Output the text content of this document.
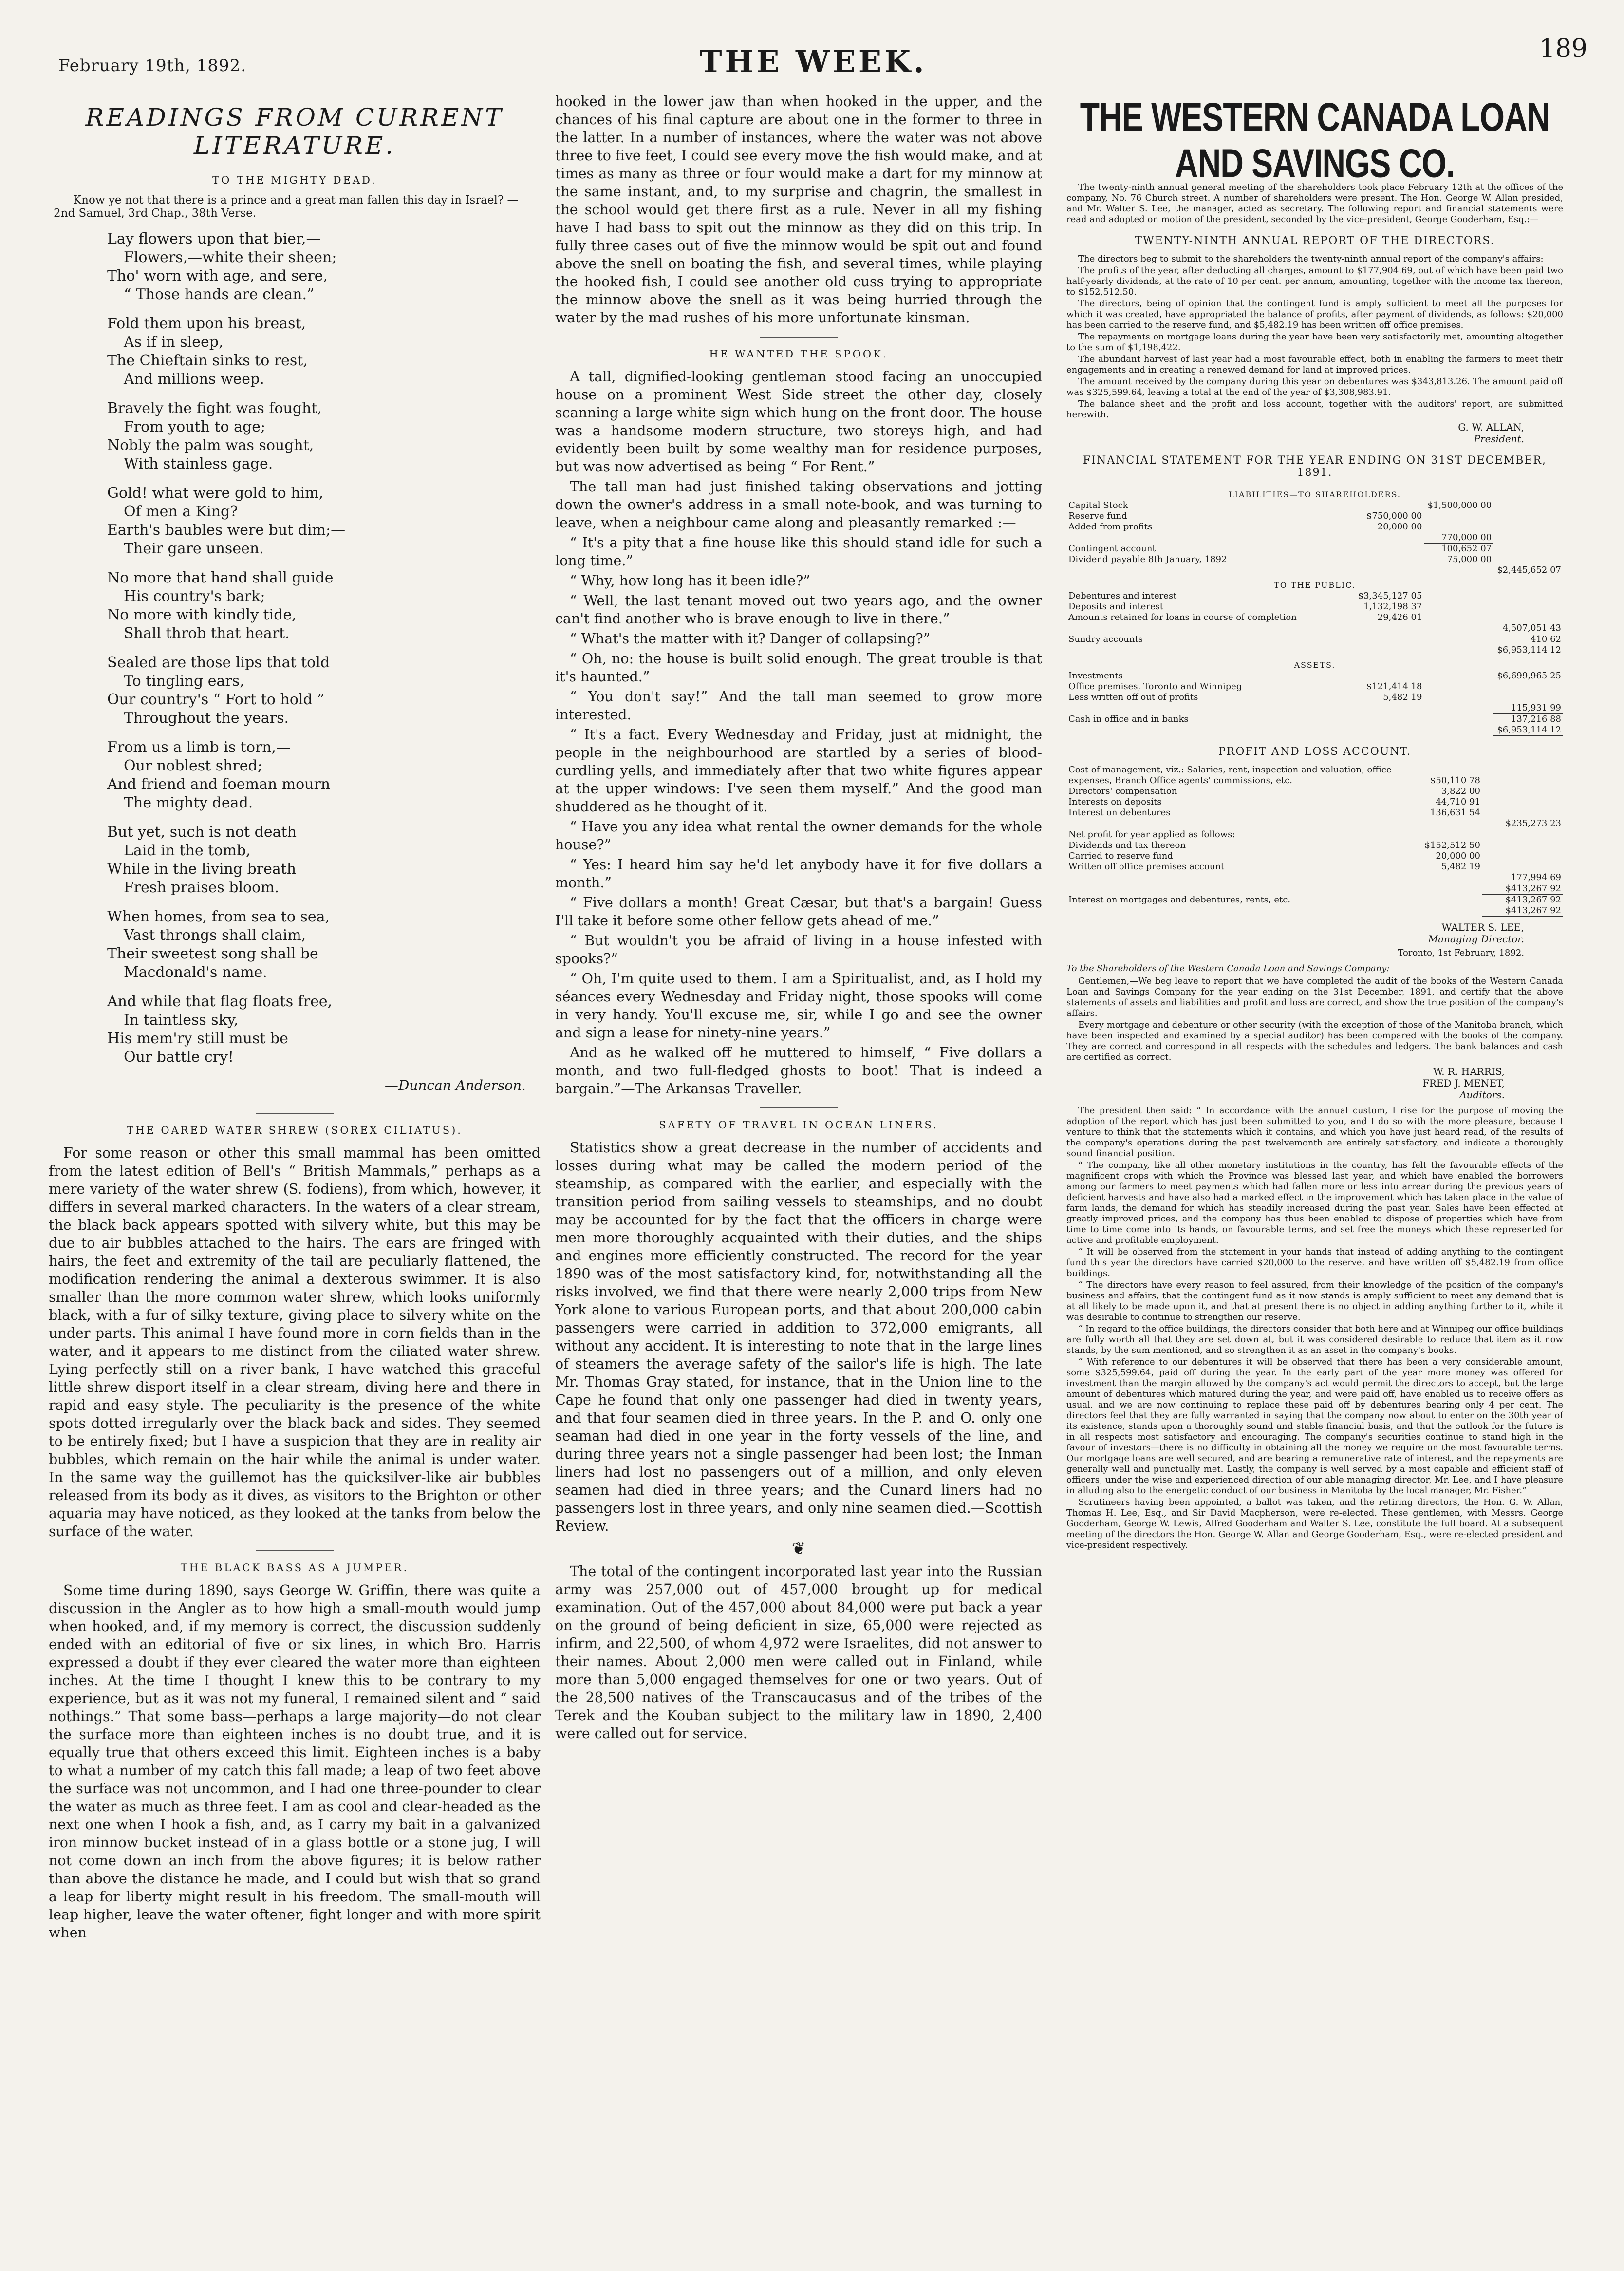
February 19th, 1892.	THE WEEK.	189
READINGS FROM CURRENT LITERATURE.
TO THE MIGHTY DEAD.
Know ye not that there is a prince and a great man fallen this day in Israel? —2nd Samuel, 3rd Chap., 38th Verse.
Lay flowers upon that bier,—
Flowers,—white their sheen;
Tho' worn with age, and sere,
“ Those hands are clean.”
Fold them upon his breast,
As if in sleep,
The Chieftain sinks to rest,
And millions weep.
Bravely the fight was fought,
From youth to age;
Nobly the palm was sought,
With stainless gage.
Gold! what were gold to him,
Of men a King?
Earth's baubles were but dim;—
Their gare unseen.
No more that hand shall guide
His country's bark;
No more with kindly tide,
Shall throb that heart.
Sealed are those lips that told
To tingling ears,
Our country's “ Fort to hold ”
Throughout the years.
From us a limb is torn,—
Our noblest shred;
And friend and foeman mourn
The mighty dead.
But yet, such is not death
Laid in the tomb,
While in the living breath
Fresh praises bloom.
When homes, from sea to sea,
Vast throngs shall claim,
Their sweetest song shall be
Macdonald's name.
And while that flag floats free,
In taintless sky,
His mem'ry still must be
Our battle cry!
—Duncan Anderson.
THE OARED WATER SHREW (SOREX CILIATUS).

For some reason or other this small mammal has been omitted from the latest edition of Bell's “ British Mammals,” perhaps as a mere variety of the water shrew (S. fodiens), from which, however, it differs in several marked characters. In the waters of a clear stream, the black back appears spotted with silvery white, but this may be due to air bubbles attached to the hairs. The ears are fringed with hairs, the feet and extremity of the tail are peculiarly flattened, the modification rendering the animal a dexterous swimmer. It is also smaller than the more common water shrew, which looks uniformly black, with a fur of silky texture, giving place to silvery white on the under parts. This animal I have found more in corn fields than in the water, and it appears to me distinct from the ciliated water shrew. Lying perfectly still on a river bank, I have watched this graceful little shrew disport itself in a clear stream, diving here and there in rapid and easy style. The peculiarity is the presence of the white spots dotted irregularly over the black back and sides. They seemed to be entirely fixed; but I have a suspicion that they are in reality air bubbles, which remain on the hair while the animal is under water. In the same way the guillemot has the quicksilver-like air bubbles released from its body as it dives, as visitors to the Brighton or other aquaria may have noticed, as they looked at the tanks from below the surface of the water.

THE BLACK BASS AS A JUMPER.

Some time during 1890, says George W. Griffin, there was quite a discussion in the Angler as to how high a small-mouth would jump when hooked, and, if my memory is correct, the discussion suddenly ended with an editorial of five or six lines, in which Bro. Harris expressed a doubt if they ever cleared the water more than eighteen inches. At the time I thought I knew this to be contrary to my experience, but as it was not my funeral, I remained silent and “ said nothings.” That some bass—perhaps a large majority—do not clear the surface more than eighteen inches is no doubt true, and it is equally true that others exceed this limit. Eighteen inches is a baby to what a number of my catch this fall made; a leap of two feet above the surface was not uncommon, and I had one three-pounder to clear the water as much as three feet. I am as cool and clear-headed as the next one when I hook a fish, and, as I carry my bait in a galvanized iron minnow bucket instead of in a glass bottle or a stone jug, I will not come down an inch from the above figures; it is below rather than above the distance he made, and I could but wish that so grand a leap for liberty might result in his freedom. The small-mouth will leap higher, leave the water oftener, fight longer and with more spirit when

hooked in the lower jaw than when hooked in the upper, and the chances of his final capture are about one in the former to three in the latter. In a number of instances, where the water was not above three to five feet, I could see every move the fish would make, and at times as many as three or four would make a dart for my minnow at the same instant, and, to my surprise and chagrin, the smallest in the school would get there first as a rule. Never in all my fishing have I had bass to spit out the minnow as they did on this trip. In fully three cases out of five the minnow would be spit out and found above the snell on boating the fish, and several times, while playing the hooked fish, I could see another old cuss trying to appropriate the minnow above the snell as it was being hurried through the water by the mad rushes of his more unfortunate kinsman.

HE WANTED THE SPOOK.

A tall, dignified-looking gentleman stood facing an unoccupied house on a prominent West Side street the other day, closely scanning a large white sign which hung on the front door. The house was a handsome modern structure, two storeys high, and had evidently been built by some wealthy man for residence purposes, but was now advertised as being “ For Rent.”

The tall man had just finished taking observations and jotting down the owner's address in a small note-book, and was turning to leave, when a neighbour came along and pleasantly remarked :—

“ It's a pity that a fine house like this should stand idle for such a long time.”

“ Why, how long has it been idle?”

“ Well, the last tenant moved out two years ago, and the owner can't find another who is brave enough to live in there.”

“ What's the matter with it? Danger of collapsing?”

“ Oh, no: the house is built solid enough. The great trouble is that it's haunted.”

“ You don't say!” And the tall man seemed to grow more interested.

“ It's a fact. Every Wednesday and Friday, just at midnight, the people in the neighbourhood are startled by a series of blood-curdling yells, and immediately after that two white figures appear at the upper windows: I've seen them myself.” And the good man shuddered as he thought of it.

“ Have you any idea what rental the owner demands for the whole house?”

“ Yes: I heard him say he'd let anybody have it for five dollars a month.”

“ Five dollars a month! Great Cæsar, but that's a bargain! Guess I'll take it before some other fellow gets ahead of me.”

“ But wouldn't you be afraid of living in a house infested with spooks?”

“ Oh, I'm quite used to them. I am a Spiritualist, and, as I hold my séances every Wednesday and Friday night, those spooks will come in very handy. You'll excuse me, sir, while I go and see the owner and sign a lease for ninety-nine years.”

And as he walked off he muttered to himself, “ Five dollars a month, and two full-fledged ghosts to boot! That is indeed a bargain.”—The Arkansas Traveller.

SAFETY OF TRAVEL IN OCEAN LINERS.

Statistics show a great decrease in the number of accidents and losses during what may be called the modern period of the steamship, as compared with the earlier, and especially with the transition period from sailing vessels to steamships, and no doubt may be accounted for by the fact that the officers in charge were men more thoroughly acquainted with their duties, and the ships and engines more efficiently constructed. The record for the year 1890 was of the most satisfactory kind, for, notwithstanding all the risks involved, we find that there were nearly 2,000 trips from New York alone to various European ports, and that about 200,000 cabin passengers were carried in addition to 372,000 emigrants, all without any accident. It is interesting to note that in the large lines of steamers the average safety of the sailor's life is high. The late Mr. Thomas Gray stated, for instance, that in the Union line to the Cape he found that only one passenger had died in twenty years, and that four seamen died in three years. In the P. and O. only one seaman had died in one year in the forty vessels of the line, and during three years not a single passenger had been lost; the Inman liners had lost no passengers out of a million, and only eleven seamen had died in three years; and the Cunard liners had no passengers lost in three years, and only nine seamen died.—Scottish Review.

❦

The total of the contingent incorporated last year into the Russian army was 257,000 out of 457,000 brought up for medical examination. Out of the 457,000 about 84,000 were put back a year on the ground of being deficient in size, 65,000 were rejected as infirm, and 22,500, of whom 4,972 were Israelites, did not answer to their names. About 2,000 men were called out in Finland, while more than 5,000 engaged themselves for one or two years. Out of the 28,500 natives of the Transcaucasus and of the tribes of the Terek and the Kouban subject to the military law in 1890, 2,400 were called out for service.

THE WESTERN CANADA LOAN AND SAVINGS CO.

The twenty-ninth annual general meeting of the shareholders took place February 12th at the offices of the company, No. 76 Church street. A number of shareholders were present. The Hon. George W. Allan presided, and Mr. Walter S. Lee, the manager, acted as secretary. The following report and financial statements were read and adopted on motion of the president, seconded by the vice-president, George Gooderham, Esq.:—

TWENTY-NINTH ANNUAL REPORT OF THE DIRECTORS.

The directors beg to submit to the shareholders the twenty-ninth annual report of the company's affairs:

The profits of the year, after deducting all charges, amount to $177,904.69, out of which have been paid two half-yearly dividends, at the rate of 10 per cent. per annum, amounting, together with the income tax thereon, to $152,512.50.

The directors, being of opinion that the contingent fund is amply sufficient to meet all the purposes for which it was created, have appropriated the balance of profits, after payment of dividends, as follows: $20,000 has been carried to the reserve fund, and $5,482.19 has been written off office premises.

The repayments on mortgage loans during the year have been very satisfactorily met, amounting altogether to the sum of $1,198,422.

The abundant harvest of last year had a most favourable effect, both in enabling the farmers to meet their engagements and in creating a renewed demand for land at improved prices.

The amount received by the company during this year on debentures was $343,813.26. The amount paid off was $325,599.64, leaving a total at the end of the year of $3,308,983.91.

The balance sheet and the profit and loss account, together with the auditors' report, are submitted herewith.

G. W. ALLAN,
President.
FINANCIAL STATEMENT FOR THE YEAR ENDING ON 31ST DECEMBER, 1891.
LIABILITIES—TO SHAREHOLDERS.			
Capital Stock		$1,500,000 00	
Reserve fund	$750,000 00		
Added from profits	20,000 00		
		770,000 00	
Contingent account		100,652 07	
Dividend payable 8th January, 1892		75,000 00	
			$2,445,652 07
TO THE PUBLIC.			
Debentures and interest	$3,345,127 05		
Deposits and interest	1,132,198 37		
Amounts retained for loans in course of completion	29,426 01		
			4,507,051 43
Sundry accounts			410 62
			$6,953,114 12
ASSETS.			
Investments			$6,699,965 25
Office premises, Toronto and Winnipeg	$121,414 18		
Less written off out of profits	5,482 19		
			115,931 99
Cash in office and in banks			137,216 88
			$6,953,114 12
PROFIT AND LOSS ACCOUNT.
Cost of management, viz.: Salaries, rent, inspection and valuation, office expenses, Branch Office agents' commissions, etc.	$50,110 78	
Directors' compensation	3,822 00	
Interests on deposits	44,710 91	
Interest on debentures	136,631 54	
		$235,273 23
Net profit for year applied as follows:		
Dividends and tax thereon	$152,512 50	
Carried to reserve fund	20,000 00	
Written off office premises account	5,482 19	
		177,994 69
		$413,267 92
Interest on mortgages and debentures, rents, etc.		$413,267 92
		$413,267 92
WALTER S. LEE,
Managing Director.
Toronto, 1st February, 1892.
To the Shareholders of the Western Canada Loan and Savings Company:

Gentlemen,—We beg leave to report that we have completed the audit of the books of the Western Canada Loan and Savings Company for the year ending on the 31st December, 1891, and certify that the above statements of assets and liabilities and profit and loss are correct, and show the true position of the company's affairs.

Every mortgage and debenture or other security (with the exception of those of the Manitoba branch, which have been inspected and examined by a special auditor) has been compared with the books of the company. They are correct and correspond in all respects with the schedules and ledgers. The bank balances and cash are certified as correct.

W. R. HARRIS,
FRED J. MENET,
Auditors.

The president then said: “ In accordance with the annual custom, I rise for the purpose of moving the adoption of the report which has just been submitted to you, and I do so with the more pleasure, because I venture to think that the statements which it contains, and which you have just heard read, of the results of the company's operations during the past twelvemonth are entirely satisfactory, and indicate a thoroughly sound financial position.

“ The company, like all other monetary institutions in the country, has felt the favourable effects of the magnificent crops with which the Province was blessed last year, and which have enabled the borrowers among our farmers to meet payments which had fallen more or less into arrear during the previous years of deficient harvests and have also had a marked effect in the improvement which has taken place in the value of farm lands, the demand for which has steadily increased during the past year. Sales have been effected at greatly improved prices, and the company has thus been enabled to dispose of properties which have from time to time come into its hands, on favourable terms, and set free the moneys which these represented for active and profitable employment.

“ It will be observed from the statement in your hands that instead of adding anything to the contingent fund this year the directors have carried $20,000 to the reserve, and have written off $5,482.19 from office buildings.

“ The directors have every reason to feel assured, from their knowledge of the position of the company's business and affairs, that the contingent fund as it now stands is amply sufficient to meet any demand that is at all likely to be made upon it, and that at present there is no object in adding anything further to it, while it was desirable to continue to strengthen our reserve.

“ In regard to the office buildings, the directors consider that both here and at Winnipeg our office buildings are fully worth all that they are set down at, but it was considered desirable to reduce that item as it now stands, by the sum mentioned, and so strengthen it as an asset in the company's books.

“ With reference to our debentures it will be observed that there has been a very considerable amount, some $325,599.64, paid off during the year. In the early part of the year more money was offered for investment than the margin allowed by the company's act would permit the directors to accept, but the large amount of debentures which matured during the year, and were paid off, have enabled us to receive offers as usual, and we are now continuing to replace these paid off by debentures bearing only 4 per cent. The directors feel that they are fully warranted in saying that the company now about to enter on the 30th year of its existence, stands upon a thoroughly sound and stable financial basis, and that the outlook for the future is in all respects most satisfactory and encouraging. The company's securities continue to stand high in the favour of investors—there is no difficulty in obtaining all the money we require on the most favourable terms. Our mortgage loans are well secured, and are bearing a remunerative rate of interest, and the repayments are generally well and punctually met. Lastly, the company is well served by a most capable and efficient staff of officers, under the wise and experienced direction of our able managing director, Mr. Lee, and I have pleasure in alluding also to the energetic conduct of our business in Manitoba by the local manager, Mr. Fisher.”

Scrutineers having been appointed, a ballot was taken, and the retiring directors, the Hon. G. W. Allan, Thomas H. Lee, Esq., and Sir David Macpherson, were re-elected. These gentlemen, with Messrs. George Gooderham, George W. Lewis, Alfred Gooderham and Walter S. Lee, constitute the full board. At a subsequent meeting of the directors the Hon. George W. Allan and George Gooderham, Esq., were re-elected president and vice-president respectively.
